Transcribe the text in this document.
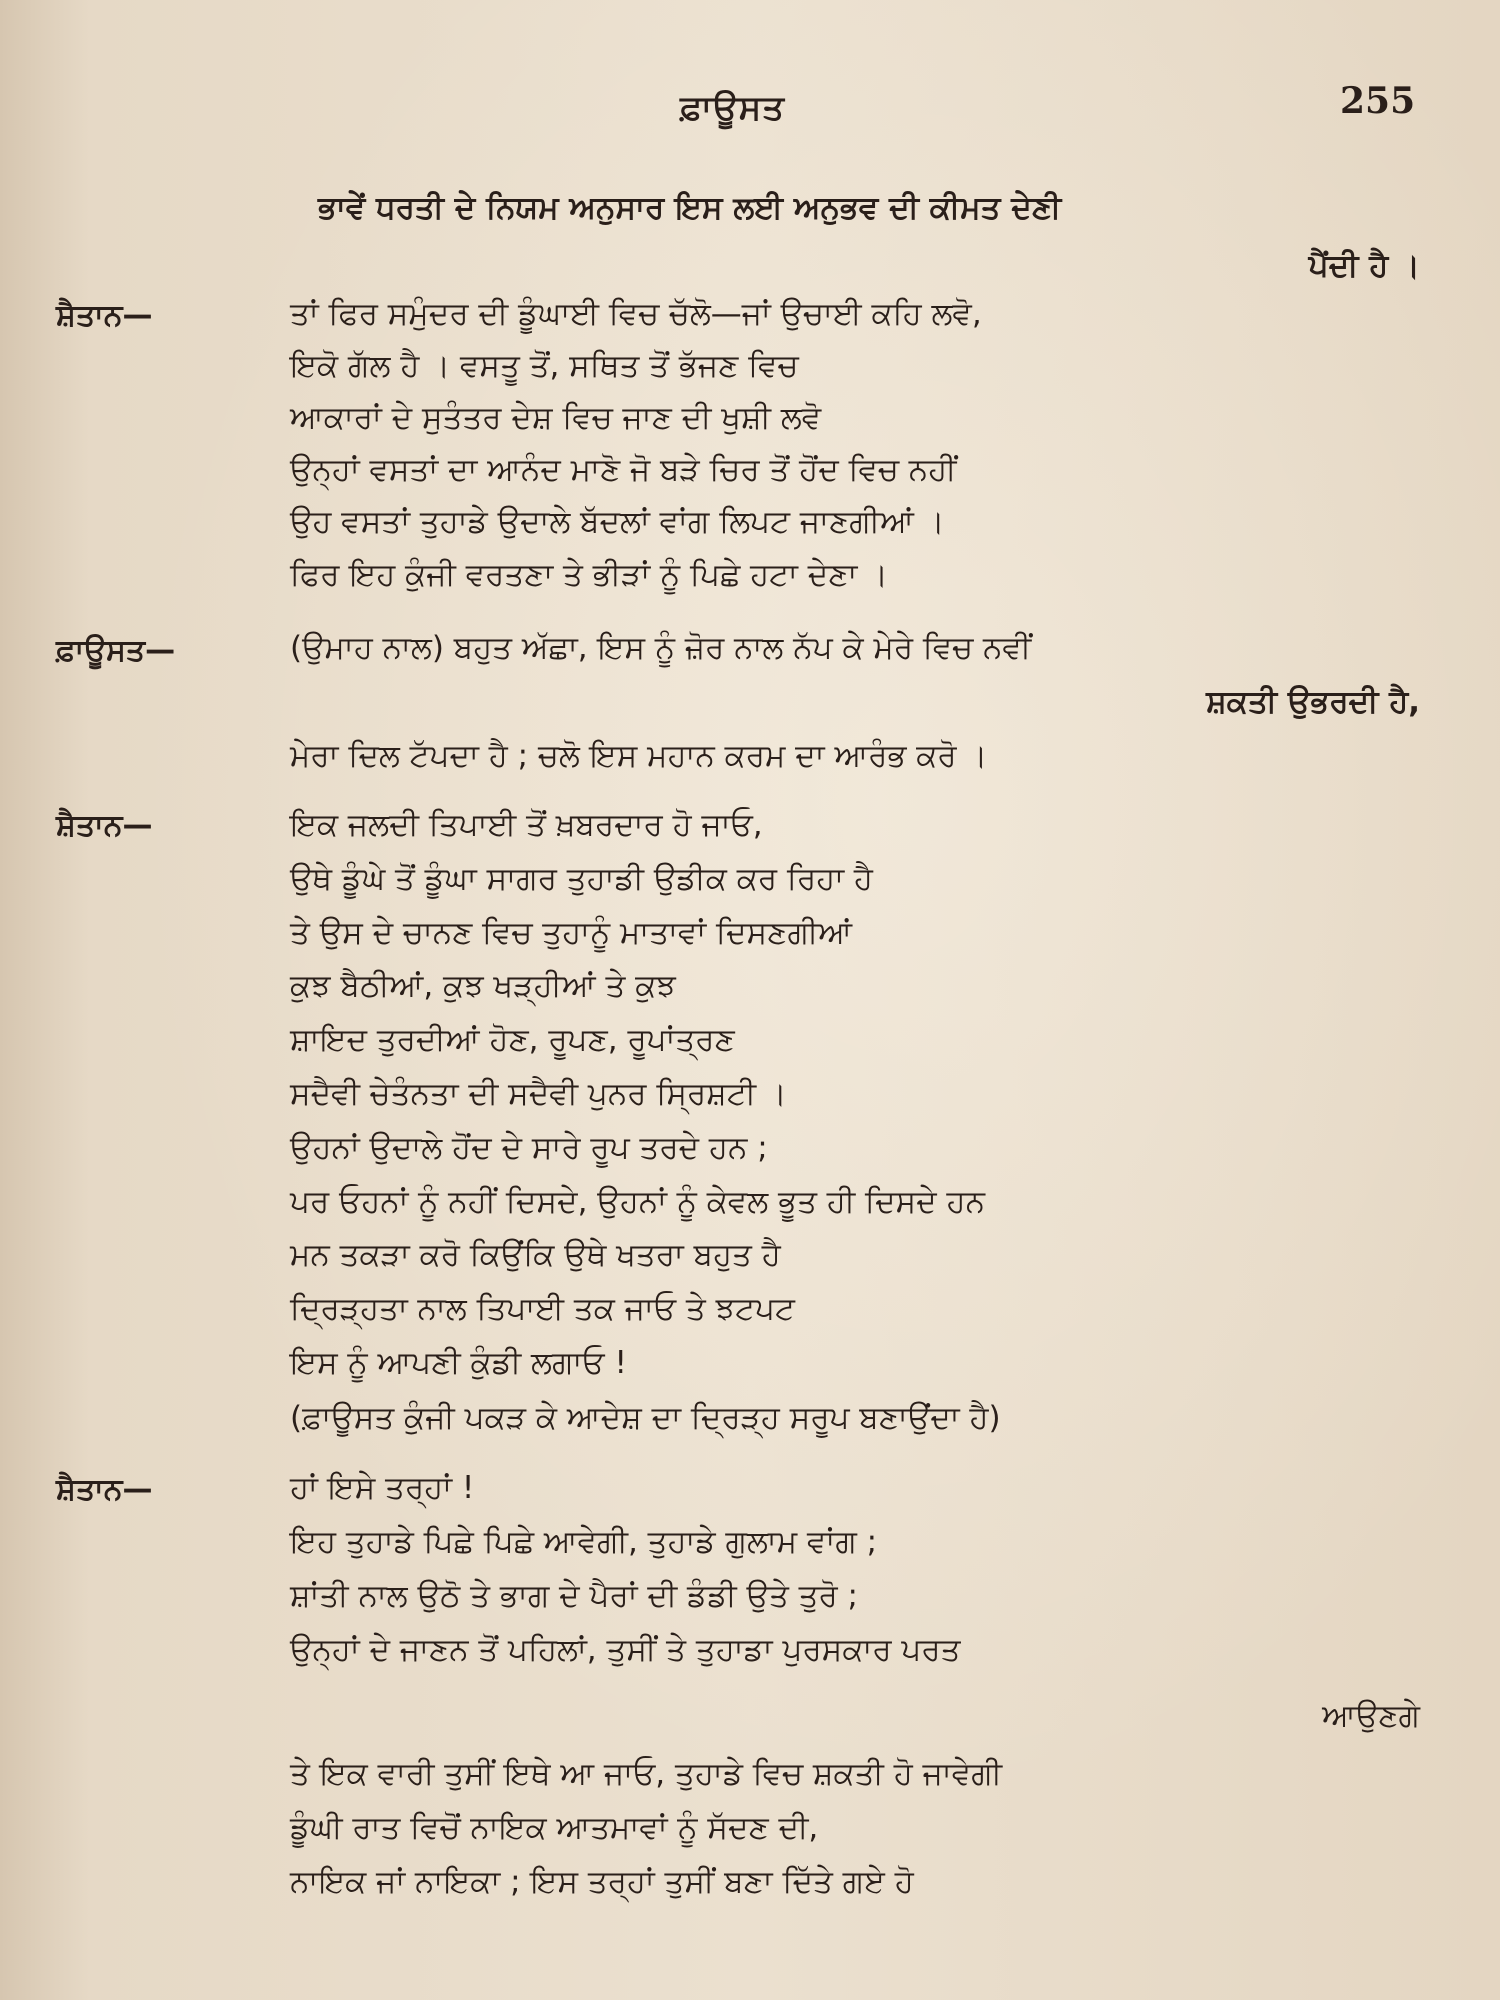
ਫ਼ਾਊਸਤ	255
ਭਾਵੇਂ ਧਰਤੀ ਦੇ ਨਿਯਮ ਅਨੁਸਾਰ ਇਸ ਲਈ ਅਨੁਭਵ ਦੀ ਕੀਮਤ ਦੇਣੀ
ਪੈਂਦੀ ਹੈ ।
ਸ਼ੈਤਾਨ—	ਤਾਂ ਫਿਰ ਸਮੁੰਦਰ ਦੀ ਡੂੰਘਾਈ ਵਿਚ ਚੱਲੋ—ਜਾਂ ਉਚਾਈ ਕਹਿ ਲਵੋ,
ਇਕੋ ਗੱਲ ਹੈ । ਵਸਤੂ ਤੋਂ, ਸਥਿਤ ਤੋਂ ਭੱਜਣ ਵਿਚ
ਆਕਾਰਾਂ ਦੇ ਸੁਤੰਤਰ ਦੇਸ਼ ਵਿਚ ਜਾਣ ਦੀ ਖੁਸ਼ੀ ਲਵੋ
ਉਨ੍ਹਾਂ ਵਸਤਾਂ ਦਾ ਆਨੰਦ ਮਾਣੋ ਜੋ ਬੜੇ ਚਿਰ ਤੋਂ ਹੋਂਦ ਵਿਚ ਨਹੀਂ
ਉਹ ਵਸਤਾਂ ਤੁਹਾਡੇ ਉਦਾਲੇ ਬੱਦਲਾਂ ਵਾਂਗ ਲਿਪਟ ਜਾਣਗੀਆਂ ।
ਫਿਰ ਇਹ ਕੁੰਜੀ ਵਰਤਣਾ ਤੇ ਭੀੜਾਂ ਨੂੰ ਪਿਛੇ ਹਟਾ ਦੇਣਾ ।
ਫ਼ਾਊਸਤ—	(ਉਮਾਹ ਨਾਲ) ਬਹੁਤ ਅੱਛਾ, ਇਸ ਨੂੰ ਜ਼ੋਰ ਨਾਲ ਨੱਪ ਕੇ ਮੇਰੇ ਵਿਚ ਨਵੀਂ
ਸ਼ਕਤੀ ਉਭਰਦੀ ਹੈ,
ਮੇਰਾ ਦਿਲ ਟੱਪਦਾ ਹੈ ; ਚਲੋ ਇਸ ਮਹਾਨ ਕਰਮ ਦਾ ਆਰੰਭ ਕਰੋ ।
ਸ਼ੈਤਾਨ—	ਇਕ ਜਲਦੀ ਤਿਪਾਈ ਤੋਂ ਖ਼ਬਰਦਾਰ ਹੋ ਜਾਓ,
ਉਥੇ ਡੂੰਘੇ ਤੋਂ ਡੂੰਘਾ ਸਾਗਰ ਤੁਹਾਡੀ ਉਡੀਕ ਕਰ ਰਿਹਾ ਹੈ
ਤੇ ਉਸ ਦੇ ਚਾਨਣ ਵਿਚ ਤੁਹਾਨੂੰ ਮਾਤਾਵਾਂ ਦਿਸਣਗੀਆਂ
ਕੁਝ ਬੈਠੀਆਂ, ਕੁਝ ਖੜ੍ਹੀਆਂ ਤੇ ਕੁਝ
ਸ਼ਾਇਦ ਤੁਰਦੀਆਂ ਹੋਣ, ਰੂਪਣ, ਰੂਪਾਂਤ੍ਰਣ
ਸਦੈਵੀ ਚੇਤੰਨਤਾ ਦੀ ਸਦੈਵੀ ਪੁਨਰ ਸ੍ਰਿਸ਼ਟੀ ।
ਉਹਨਾਂ ਉਦਾਲੇ ਹੋਂਦ ਦੇ ਸਾਰੇ ਰੂਪ ਤਰਦੇ ਹਨ ;
ਪਰ ਓਹਨਾਂ ਨੂੰ ਨਹੀਂ ਦਿਸਦੇ, ਉਹਨਾਂ ਨੂੰ ਕੇਵਲ ਭੂਤ ਹੀ ਦਿਸਦੇ ਹਨ
ਮਨ ਤਕੜਾ ਕਰੋ ਕਿਉਂਕਿ ਉਥੇ ਖਤਰਾ ਬਹੁਤ ਹੈ
ਦ੍ਰਿੜ੍ਹਤਾ ਨਾਲ ਤਿਪਾਈ ਤਕ ਜਾਓ ਤੇ ਝਟਪਟ
ਇਸ ਨੂੰ ਆਪਣੀ ਕੁੰਡੀ ਲਗਾਓ !
(ਫ਼ਾਊਸਤ ਕੁੰਜੀ ਪਕੜ ਕੇ ਆਦੇਸ਼ ਦਾ ਦ੍ਰਿੜ੍ਹ ਸਰੂਪ ਬਣਾਉਂਦਾ ਹੈ)
ਸ਼ੈਤਾਨ—	ਹਾਂ ਇਸੇ ਤਰ੍ਹਾਂ !
ਇਹ ਤੁਹਾਡੇ ਪਿਛੇ ਪਿਛੇ ਆਵੇਗੀ, ਤੁਹਾਡੇ ਗੁਲਾਮ ਵਾਂਗ ;
ਸ਼ਾਂਤੀ ਨਾਲ ਉਠੋ ਤੇ ਭਾਗ ਦੇ ਪੈਰਾਂ ਦੀ ਡੰਡੀ ਉਤੇ ਤੁਰੋ ;
ਉਨ੍ਹਾਂ ਦੇ ਜਾਣਨ ਤੋਂ ਪਹਿਲਾਂ, ਤੁਸੀਂ ਤੇ ਤੁਹਾਡਾ ਪੁਰਸਕਾਰ ਪਰਤ
ਆਉਣਗੇ
ਤੇ ਇਕ ਵਾਰੀ ਤੁਸੀਂ ਇਥੇ ਆ ਜਾਓ, ਤੁਹਾਡੇ ਵਿਚ ਸ਼ਕਤੀ ਹੋ ਜਾਵੇਗੀ
ਡੂੰਘੀ ਰਾਤ ਵਿਚੋਂ ਨਾਇਕ ਆਤਮਾਵਾਂ ਨੂੰ ਸੱਦਣ ਦੀ,
ਨਾਇਕ ਜਾਂ ਨਾਇਕਾ ; ਇਸ ਤਰ੍ਹਾਂ ਤੁਸੀਂ ਬਣਾ ਦਿੱਤੇ ਗਏ ਹੋ
